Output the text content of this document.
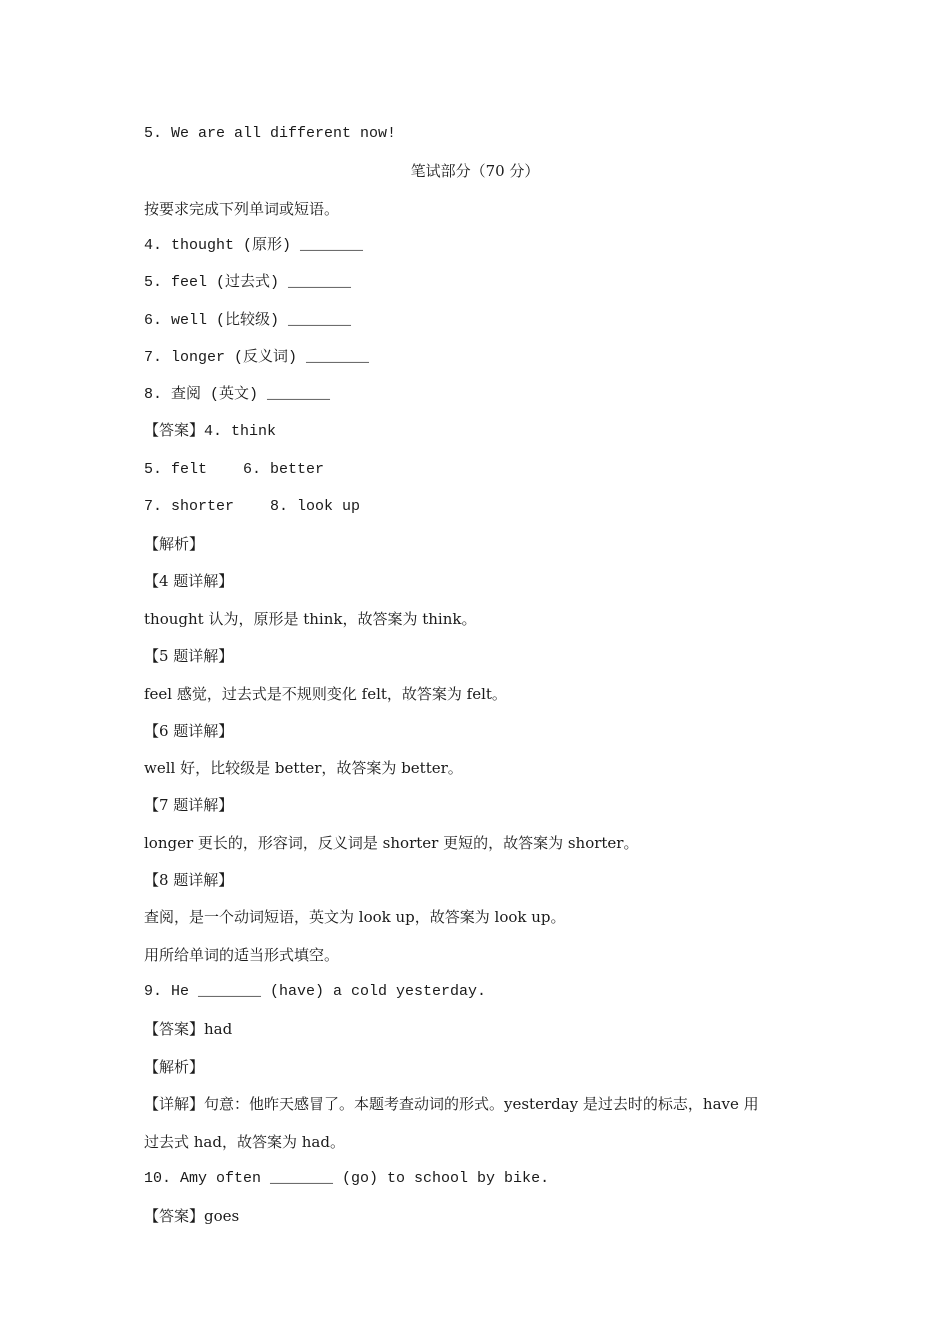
5. We are all different now!
笔试部分（70 分）
按要求完成下列单词或短语。
4. thought (原形) _______
5. feel (过去式) _______
6. well (比较级) _______
7. longer (反义词) _______
8. 查阅 (英文) _______
【答案】4. think
5. felt    6. better
7. shorter    8. look up
【解析】
【4 题详解】
thought 认为，原形是 think，故答案为 think。
【5 题详解】
feel 感觉，过去式是不规则变化 felt，故答案为 felt。
【6 题详解】
well 好，比较级是 better，故答案为 better。
【7 题详解】
longer 更长的，形容词，反义词是 shorter 更短的，故答案为 shorter。
【8 题详解】
查阅，是一个动词短语，英文为 look up，故答案为 look up。
用所给单词的适当形式填空。
9. He _______ (have) a cold yesterday.
【答案】had
【解析】
【详解】句意：他昨天感冒了。本题考查动词的形式。yesterday 是过去时的标志，have 用
过去式 had，故答案为 had。
10. Amy often _______ (go) to school by bike.
【答案】goes
